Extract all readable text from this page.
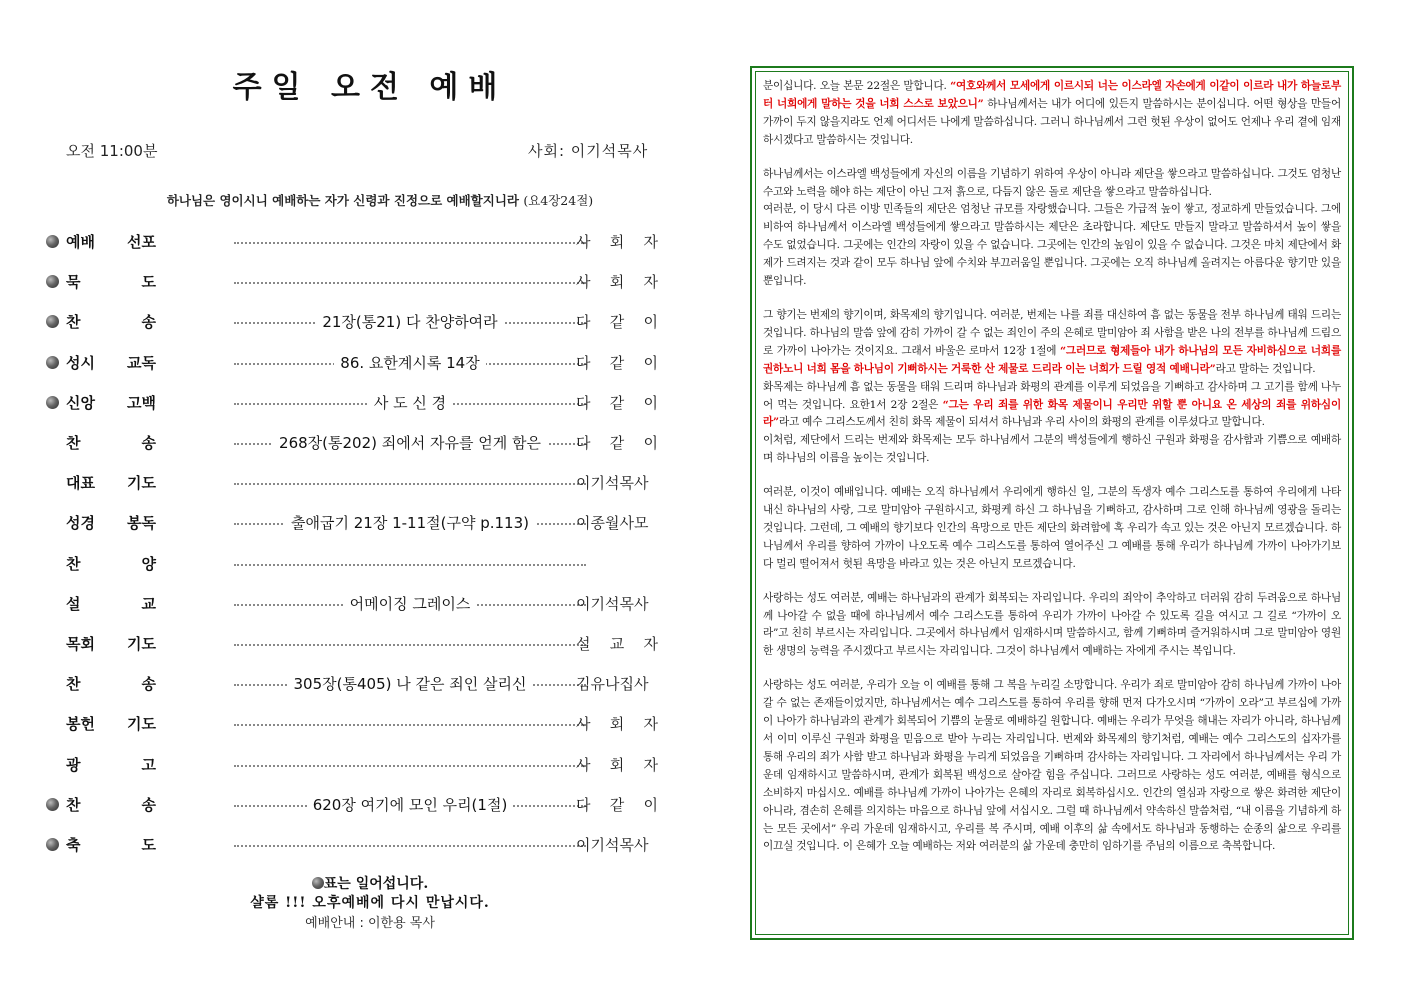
주일 오전 예배
오전 11:00분	사회: 이기석목사
하나님은 영이시니 예배하는 자가 신령과 진정으로 예배할지니라 (요4장24절)
예배 선포	사 회 자
묵 도	사 회 자
찬 송	21장(통21) 다 찬양하여라	다 같 이
성시 교독	86. 요한계시록 14장	다 같 이
신앙 고백	사 도 신 경	다 같 이
찬 송	268장(통202) 죄에서 자유를 얻게 함은	다 같 이
대표 기도	이기석목사
성경 봉독	출애굽기 21장 1-11절(구약 p.113)	이종월사모
찬 양
설 교	어메이징 그레이스	이기석목사
목회 기도	설 교 자
찬 송	305장(통405) 나 같은 죄인 살리신	김유나집사
봉헌 기도	사 회 자
광 고	사 회 자
찬 송	620장 여기에 모인 우리(1절)	다 같 이
축 도	이기석목사
표는 일어섭니다.
샬롬 !!! 오후예배에 다시 만납시다.
예배안내 : 이한용 목사

분이십니다. 오늘 본문 22절은 말합니다. “여호와께서 모세에게 이르시되 너는 이스라엘 자손에게 이같이 이르라 내가 하늘로부터 너희에게 말하는 것을 너희 스스로 보았으니” 하나님께서는 내가 어디에 있든지 말씀하시는 분이십니다. 어떤 형상을 만들어 가까이 두지 않을지라도 언제 어디서든 나에게 말씀하십니다. 그러니 하나님께서 그런 헛된 우상이 없어도 언제나 우리 곁에 임재하시겠다고 말씀하시는 것입니다.

하나님께서는 이스라엘 백성들에게 자신의 이름을 기념하기 위하여 우상이 아니라 제단을 쌓으라고 말씀하십니다. 그것도 엄청난 수고와 노력을 해야 하는 제단이 아닌 그저 흙으로, 다듬지 않은 돌로 제단을 쌓으라고 말씀하십니다.

여러분, 이 당시 다른 이방 민족들의 제단은 엄청난 규모를 자랑했습니다. 그들은 가급적 높이 쌓고, 정교하게 만들었습니다. 그에 비하여 하나님께서 이스라엘 백성들에게 쌓으라고 말씀하시는 제단은 초라합니다. 제단도 만들지 말라고 말씀하셔서 높이 쌓을 수도 없었습니다. 그곳에는 인간의 자랑이 있을 수 없습니다. 그곳에는 인간의 높임이 있을 수 없습니다. 그것은 마치 제단에서 화제가 드려지는 것과 같이 모두 하나님 앞에 수치와 부끄러움일 뿐입니다. 그곳에는 오직 하나님께 올려지는 아름다운 향기만 있을 뿐입니다.

그 향기는 번제의 향기이며, 화목제의 향기입니다. 여러분, 번제는 나를 죄를 대신하여 흠 없는 동물을 전부 하나님께 태워 드리는 것입니다. 하나님의 말씀 앞에 감히 가까이 갈 수 없는 죄인이 주의 은혜로 말미암아 죄 사함을 받은 나의 전부를 하나님께 드림으로 가까이 나아가는 것이지요. 그래서 바울은 로마서 12장 1절에 “그러므로 형제들아 내가 하나님의 모든 자비하심으로 너희를 권하노니 너희 몸을 하나님이 기뻐하시는 거룩한 산 제물로 드리라 이는 너희가 드릴 영적 예배니라”라고 말하는 것입니다.

화목제는 하나님께 흠 없는 동물을 태워 드리며 하나님과 화평의 관계를 이루게 되었음을 기뻐하고 감사하며 그 고기를 함께 나누어 먹는 것입니다. 요한1서 2장 2절은 “그는 우리 죄를 위한 화목 제물이니 우리만 위할 뿐 아니요 온 세상의 죄를 위하심이라”라고 예수 그리스도께서 친히 화목 제물이 되셔서 하나님과 우리 사이의 화평의 관계를 이루셨다고 말합니다.

이처럼, 제단에서 드리는 번제와 화목제는 모두 하나님께서 그분의 백성들에게 행하신 구원과 화평을 감사함과 기쁨으로 예배하며 하나님의 이름을 높이는 것입니다.

여러분, 이것이 예배입니다. 예배는 오직 하나님께서 우리에게 행하신 일, 그분의 독생자 예수 그리스도를 통하여 우리에게 나타내신 하나님의 사랑, 그로 말미암아 구원하시고, 화평케 하신 그 하나님을 기뻐하고, 감사하며 그로 인해 하나님께 영광을 돌리는 것입니다. 그런데, 그 예배의 향기보다 인간의 욕망으로 만든 제단의 화려함에 혹 우리가 속고 있는 것은 아닌지 모르겠습니다. 하나님께서 우리를 향하여 가까이 나오도록 예수 그리스도를 통하여 열어주신 그 예배를 통해 우리가 하나님께 가까이 나아가기보다 멀리 떨어져서 헛된 욕망을 바라고 있는 것은 아닌지 모르겠습니다.

사랑하는 성도 여러분, 예배는 하나님과의 관계가 회복되는 자리입니다. 우리의 죄악이 추악하고 더러워 감히 두려움으로 하나님께 나아갈 수 없을 때에 하나님께서 예수 그리스도를 통하여 우리가 가까이 나아갈 수 있도록 길을 여시고 그 길로 “가까이 오라”고 친히 부르시는 자리입니다. 그곳에서 하나님께서 임재하시며 말씀하시고, 함께 기뻐하며 즐거워하시며 그로 말미암아 영원한 생명의 능력을 주시겠다고 부르시는 자리입니다. 그것이 하나님께서 예배하는 자에게 주시는 복입니다.

사랑하는 성도 여러분, 우리가 오늘 이 예배를 통해 그 복을 누리길 소망합니다. 우리가 죄로 말미암아 감히 하나님께 가까이 나아갈 수 없는 존재들이었지만, 하나님께서는 예수 그리스도를 통하여 우리를 향해 먼저 다가오시며 “가까이 오라”고 부르십에 가까이 나아가 하나님과의 관계가 회복되어 기쁨의 눈물로 예배하길 원합니다. 예배는 우리가 무엇을 해내는 자리가 아니라, 하나님께서 이미 이루신 구원과 화평을 믿음으로 받아 누리는 자리입니다. 번제와 화목제의 향기처럼, 예배는 예수 그리스도의 십자가를 통해 우리의 죄가 사함 받고 하나님과 화평을 누리게 되었음을 기뻐하며 감사하는 자리입니다. 그 자리에서 하나님께서는 우리 가운데 임재하시고 말씀하시며, 관계가 회복된 백성으로 살아갈 힘을 주십니다. 그러므로 사랑하는 성도 여러분, 예배를 형식으로 소비하지 마십시오. 예배를 하나님께 가까이 나아가는 은혜의 자리로 회복하십시오. 인간의 열심과 자랑으로 쌓은 화려한 제단이 아니라, 겸손히 은혜를 의지하는 마음으로 하나님 앞에 서십시오. 그럴 때 하나님께서 약속하신 말씀처럼, “내 이름을 기념하게 하는 모든 곳에서” 우리 가운데 임재하시고, 우리를 복 주시며, 예배 이후의 삶 속에서도 하나님과 동행하는 순종의 삶으로 우리를 이끄실 것입니다. 이 은혜가 오늘 예배하는 저와 여러분의 삶 가운데 충만히 임하기를 주님의 이름으로 축복합니다.
